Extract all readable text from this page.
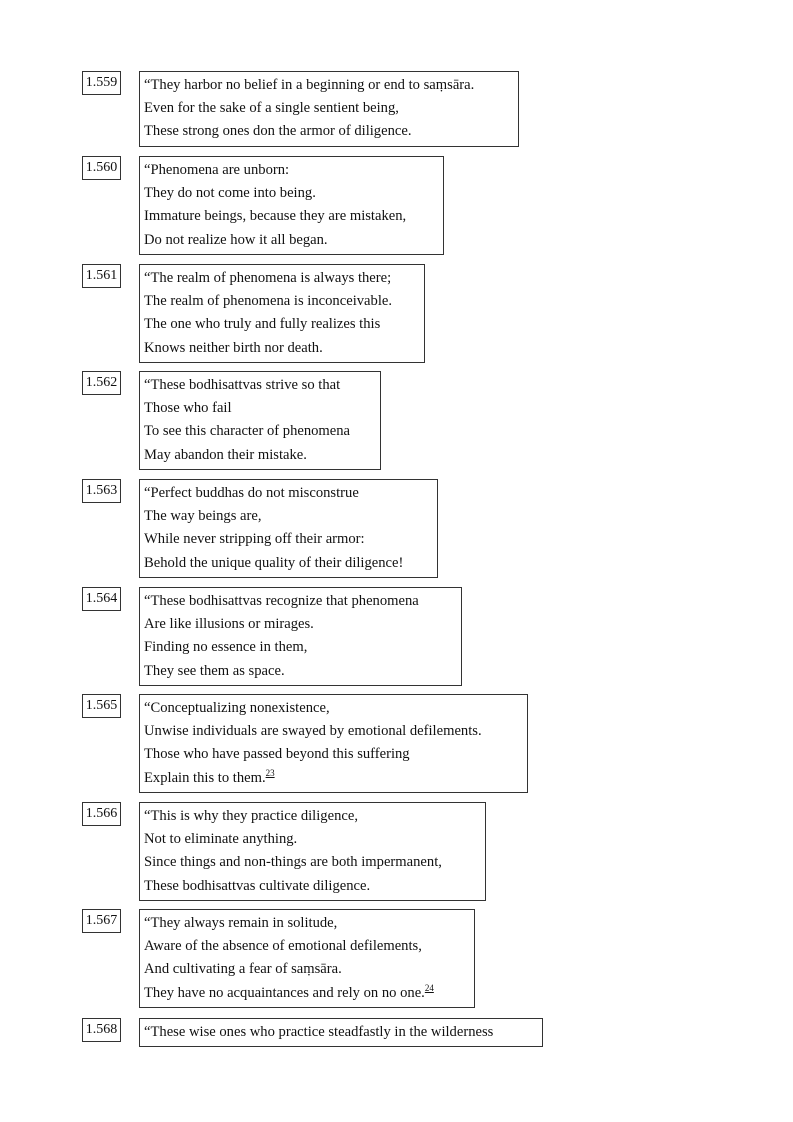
1.559 “They harbor no belief in a beginning or end to saṃsāra.
Even for the sake of a single sentient being,
These strong ones don the armor of diligence.
1.560 “Phenomena are unborn:
They do not come into being.
Immature beings, because they are mistaken,
Do not realize how it all began.
1.561 “The realm of phenomena is always there;
The realm of phenomena is inconceivable.
The one who truly and fully realizes this
Knows neither birth nor death.
1.562 “These bodhisattvas strive so that
Those who fail
To see this character of phenomena
May abandon their mistake.
1.563 “Perfect buddhas do not misconstrue
The way beings are,
While never stripping off their armor:
Behold the unique quality of their diligence!
1.564 “These bodhisattvas recognize that phenomena
Are like illusions or mirages.
Finding no essence in them,
They see them as space.
1.565 “Conceptualizing nonexistence,
Unwise individuals are swayed by emotional defilements.
Those who have passed beyond this suffering
Explain this to them.$^{23}$
1.566 “This is why they practice diligence,
Not to eliminate anything.
Since things and non-things are both impermanent,
These bodhisattvas cultivate diligence.
1.567 “They always remain in solitude,
Aware of the absence of emotional defilements,
And cultivating a fear of saṃsāra.
They have no acquaintances and rely on no one.$^{24}$
1.568 “These wise ones who practice steadfastly in the wilderness
